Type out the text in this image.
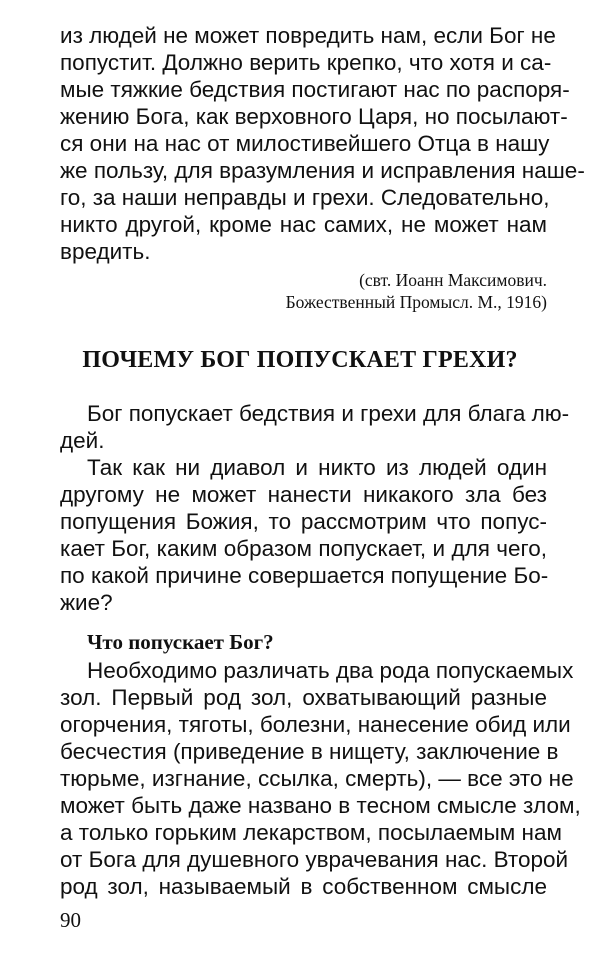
из людей не может повредить нам, если Бог не
попустит. Должно верить крепко, что хотя и са-
мые тяжкие бедствия постигают нас по распоря-
жению Бога, как верховного Царя, но посылают-
ся они на нас от милостивейшего Отца в нашу
же пользу, для вразумления и исправления наше-
го, за наши неправды и грехи. Следовательно,
никто другой, кроме нас самих, не может нам
вредить.
(свт. Иоанн Максимович.
Божественный Промысл. М., 1916)
ПОЧЕМУ БОГ ПОПУСКАЕТ ГРЕХИ?
Бог попускает бедствия и грехи для блага лю-
дей.
Так как ни диавол и никто из людей один
другому не может нанести никакого зла без
попущения Божия, то рассмотрим что попус-
кает Бог, каким образом попускает, и для чего,
по какой причине совершается попущение Бо-
жие?
Что попускает Бог?
Необходимо различать два рода попускаемых
зол. Первый род зол, охватывающий разные
огорчения, тяготы, болезни, нанесение обид или
бесчестия (приведение в нищету, заключение в
тюрьме, изгнание, ссылка, смерть), — все это не
может быть даже названо в тесном смысле злом,
а только горьким лекарством, посылаемым нам
от Бога для душевного уврачевания нас. Второй
род зол, называемый в собственном смысле
90
